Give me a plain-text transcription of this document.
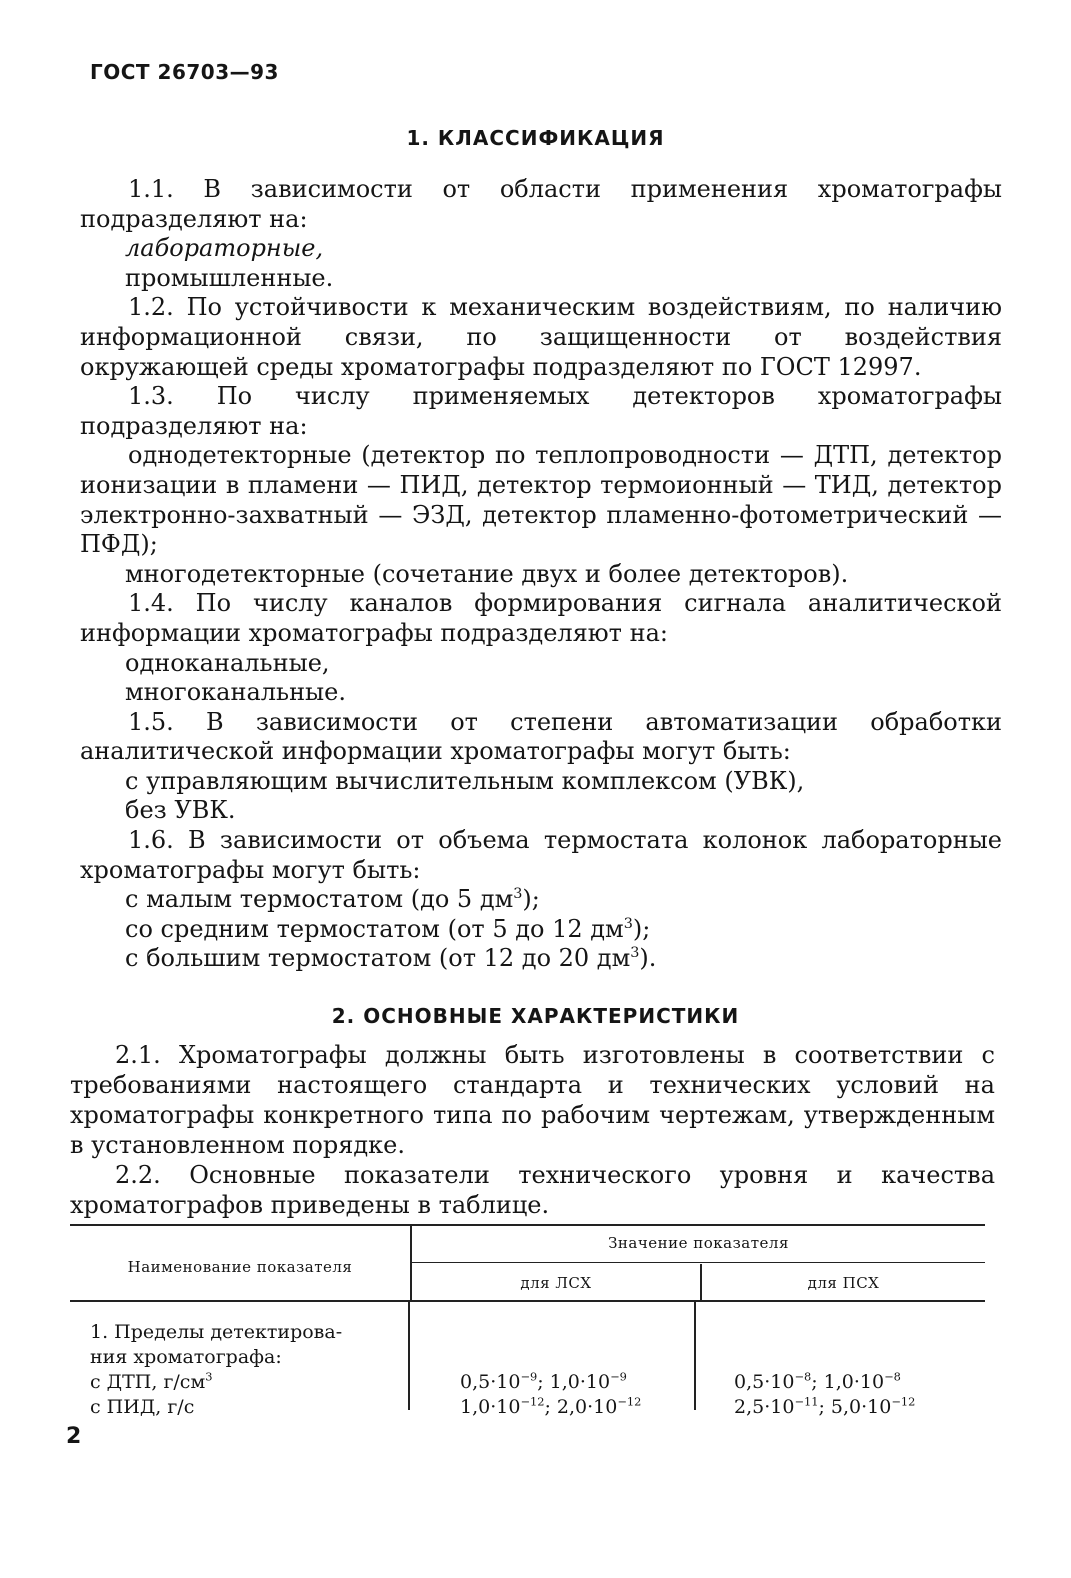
ГОСТ 26703—93
1. КЛАССИФИКАЦИЯ

1.1. В зависимости от области применения хроматографы подразделяют на:

лабораторные,

промышленные.

1.2. По устойчивости к механическим воздействиям, по наличию информационной связи, по защищенности от воздействия окружающей среды хроматографы подразделяют по ГОСТ 12997.

1.3. По числу применяемых детекторов хроматографы подразделяют на:

однодетекторные (детектор по теплопроводности — ДТП, детектор ионизации в пламени — ПИД, детектор термоионный — ТИД, детектор электронно-захватный — ЭЗД, детектор пламенно-фотометрический — ПФД);

многодетекторные (сочетание двух и более детекторов).

1.4. По числу каналов формирования сигнала аналитической информации хроматографы подразделяют на:

одноканальные,

многоканальные.

1.5. В зависимости от степени автоматизации обработки аналитической информации хроматографы могут быть:

с управляющим вычислительным комплексом (УВК),

без УВК.

1.6. В зависимости от объема термостата колонок лабораторные хроматографы могут быть:

с малым термостатом (до 5 $дм^3$);

со средним термостатом (от 5 до 12 $дм^3$);

с большим термостатом (от 12 до 20 $дм^3$).

2. ОСНОВНЫЕ ХАРАКТЕРИСТИКИ

2.1. Хроматографы должны быть изготовлены в соответствии с требованиями настоящего стандарта и технических условий на хроматографы конкретного типа по рабочим чертежам, утвержденным в установленном порядке.

2.2. Основные показатели технического уровня и качества хроматографов приведены в таблице.

Наименование показателя
Значение показателя
для ЛСХ	для ПСХ
1. Пределы детектирова-
ния хроматографа:
с ДТП, $г/см^3$
с ПИД, г/с
$0,5\cdot 10^{-9}$; $1,0\cdot 10^{-9}$
$1,0\cdot 10^{-12}$; $2,0\cdot 10^{-12}$
$0,5\cdot 10^{-8}$; $1,0\cdot 10^{-8}$
$2,5\cdot 10^{-11}$; $5,0\cdot 10^{-12}$
2
